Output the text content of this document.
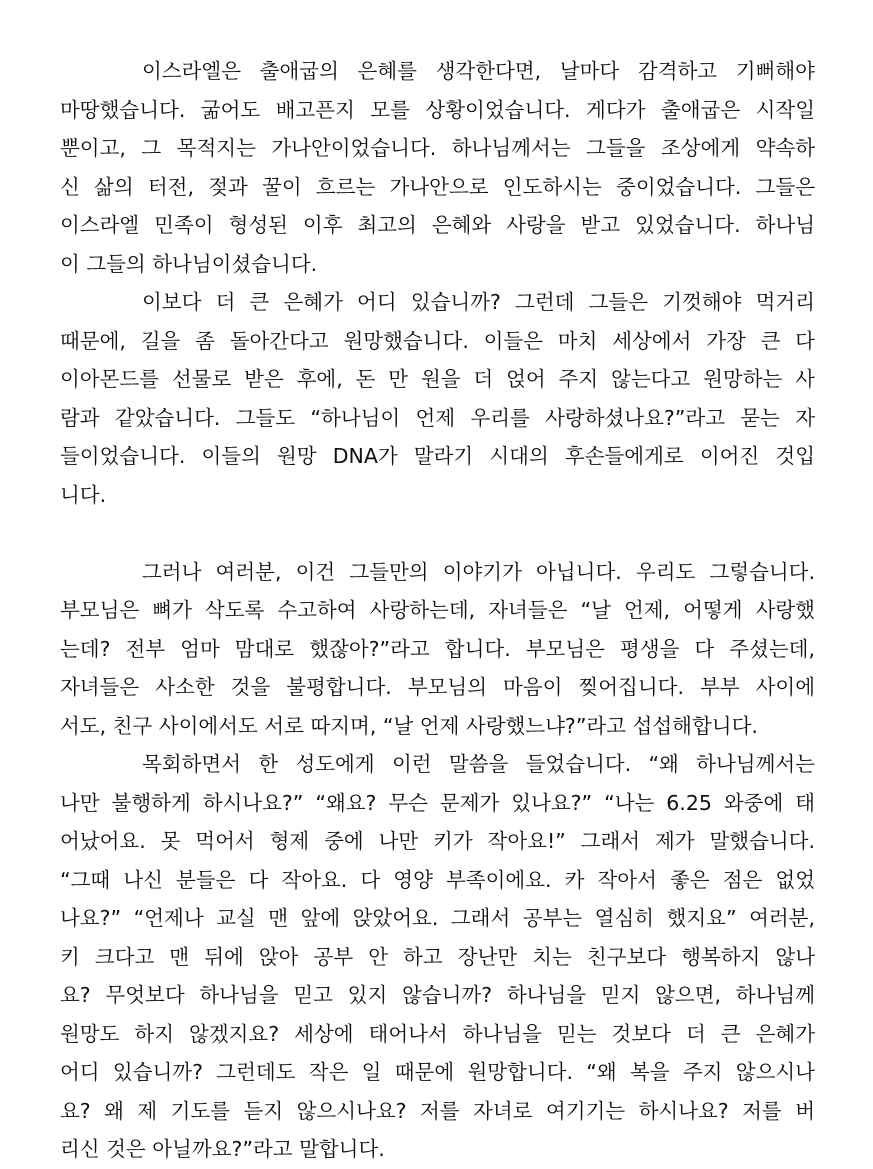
이스라엘은 출애굽의 은혜를 생각한다면, 날마다 감격하고 기뻐해야
마땅했습니다. 굶어도 배고픈지 모를 상황이었습니다. 게다가 출애굽은 시작일
뿐이고, 그 목적지는 가나안이었습니다. 하나님께서는 그들을 조상에게 약속하
신 삶의 터전, 젖과 꿀이 흐르는 가나안으로 인도하시는 중이었습니다. 그들은
이스라엘 민족이 형성된 이후 최고의 은혜와 사랑을 받고 있었습니다. 하나님
이 그들의 하나님이셨습니다.
이보다 더 큰 은혜가 어디 있습니까? 그런데 그들은 기껏해야 먹거리
때문에, 길을 좀 돌아간다고 원망했습니다. 이들은 마치 세상에서 가장 큰 다
이아몬드를 선물로 받은 후에, 돈 만 원을 더 얹어 주지 않는다고 원망하는 사
람과 같았습니다. 그들도 “하나님이 언제 우리를 사랑하셨나요?”라고 묻는 자
들이었습니다. 이들의 원망 DNA가 말라기 시대의 후손들에게로 이어진 것입
니다.
그러나 여러분, 이건 그들만의 이야기가 아닙니다. 우리도 그렇습니다.
부모님은 뼈가 삭도록 수고하여 사랑하는데, 자녀들은 “날 언제, 어떻게 사랑했
는데? 전부 엄마 맘대로 했잖아?”라고 합니다. 부모님은 평생을 다 주셨는데,
자녀들은 사소한 것을 불평합니다. 부모님의 마음이 찢어집니다. 부부 사이에
서도, 친구 사이에서도 서로 따지며, “날 언제 사랑했느냐?”라고 섭섭해합니다.
목회하면서 한 성도에게 이런 말씀을 들었습니다. “왜 하나님께서는
나만 불행하게 하시나요?” “왜요? 무슨 문제가 있나요?” “나는 6.25 와중에 태
어났어요. 못 먹어서 형제 중에 나만 키가 작아요!” 그래서 제가 말했습니다.
“그때 나신 분들은 다 작아요. 다 영양 부족이에요. 카 작아서 좋은 점은 없었
나요?” “언제나 교실 맨 앞에 앉았어요. 그래서 공부는 열심히 했지요” 여러분,
키 크다고 맨 뒤에 앉아 공부 안 하고 장난만 치는 친구보다 행복하지 않나
요? 무엇보다 하나님을 믿고 있지 않습니까? 하나님을 믿지 않으면, 하나님께
원망도 하지 않겠지요? 세상에 태어나서 하나님을 믿는 것보다 더 큰 은혜가
어디 있습니까? 그런데도 작은 일 때문에 원망합니다. “왜 복을 주지 않으시나
요? 왜 제 기도를 듣지 않으시나요? 저를 자녀로 여기기는 하시나요? 저를 버
리신 것은 아닐까요?”라고 말합니다.
